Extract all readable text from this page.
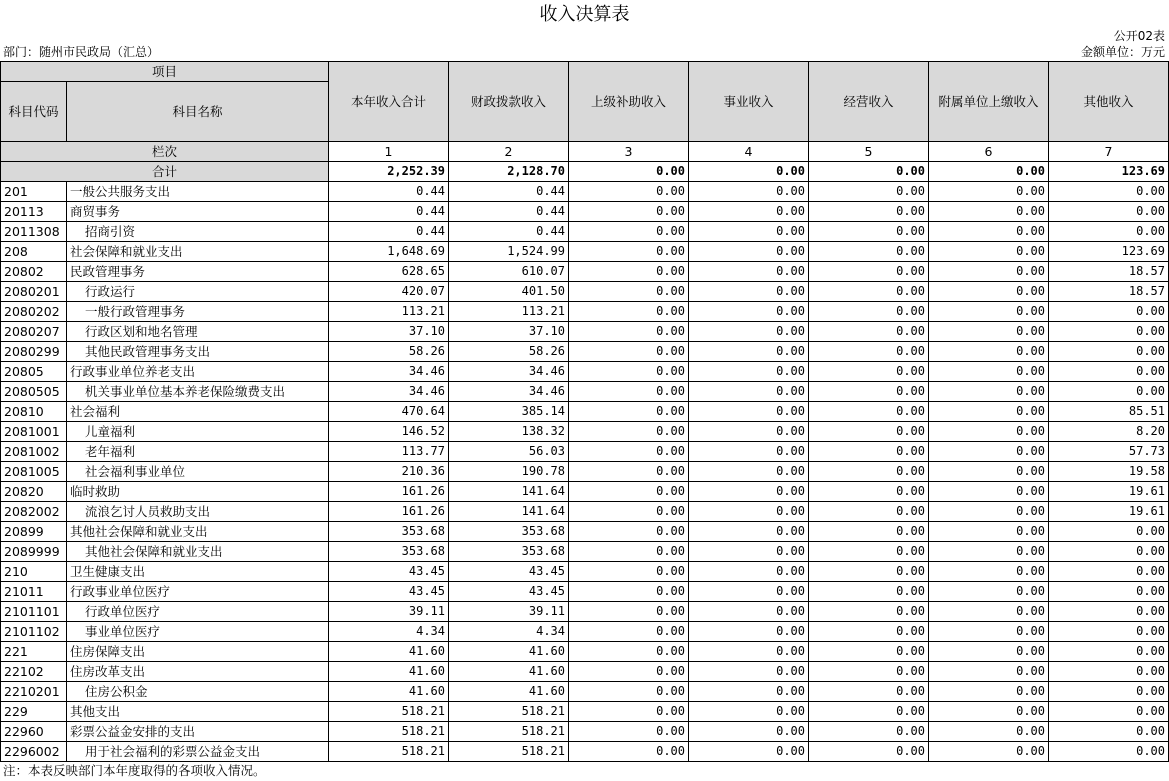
收入决算表
公开02表
部门：随州市民政局（汇总）	金额单位：万元
项目		本年收入合计	财政拨款收入	上级补助收入	事业收入	经营收入	附属单位上缴收入	其他收入
科目代码	科目名称							
栏次		1	2	3	4	5	6	7
合计		2,252.39	2,128.70	0.00	0.00	0.00	0.00	123.69
201	一般公共服务支出	0.44	0.44	0.00	0.00	0.00	0.00	0.00
20113	商贸事务	0.44	0.44	0.00	0.00	0.00	0.00	0.00
2011308	招商引资	0.44	0.44	0.00	0.00	0.00	0.00	0.00
208	社会保障和就业支出	1,648.69	1,524.99	0.00	0.00	0.00	0.00	123.69
20802	民政管理事务	628.65	610.07	0.00	0.00	0.00	0.00	18.57
2080201	行政运行	420.07	401.50	0.00	0.00	0.00	0.00	18.57
2080202	一般行政管理事务	113.21	113.21	0.00	0.00	0.00	0.00	0.00
2080207	行政区划和地名管理	37.10	37.10	0.00	0.00	0.00	0.00	0.00
2080299	其他民政管理事务支出	58.26	58.26	0.00	0.00	0.00	0.00	0.00
20805	行政事业单位养老支出	34.46	34.46	0.00	0.00	0.00	0.00	0.00
2080505	机关事业单位基本养老保险缴费支出	34.46	34.46	0.00	0.00	0.00	0.00	0.00
20810	社会福利	470.64	385.14	0.00	0.00	0.00	0.00	85.51
2081001	儿童福利	146.52	138.32	0.00	0.00	0.00	0.00	8.20
2081002	老年福利	113.77	56.03	0.00	0.00	0.00	0.00	57.73
2081005	社会福利事业单位	210.36	190.78	0.00	0.00	0.00	0.00	19.58
20820	临时救助	161.26	141.64	0.00	0.00	0.00	0.00	19.61
2082002	流浪乞讨人员救助支出	161.26	141.64	0.00	0.00	0.00	0.00	19.61
20899	其他社会保障和就业支出	353.68	353.68	0.00	0.00	0.00	0.00	0.00
2089999	其他社会保障和就业支出	353.68	353.68	0.00	0.00	0.00	0.00	0.00
210	卫生健康支出	43.45	43.45	0.00	0.00	0.00	0.00	0.00
21011	行政事业单位医疗	43.45	43.45	0.00	0.00	0.00	0.00	0.00
2101101	行政单位医疗	39.11	39.11	0.00	0.00	0.00	0.00	0.00
2101102	事业单位医疗	4.34	4.34	0.00	0.00	0.00	0.00	0.00
221	住房保障支出	41.60	41.60	0.00	0.00	0.00	0.00	0.00
22102	住房改革支出	41.60	41.60	0.00	0.00	0.00	0.00	0.00
2210201	住房公积金	41.60	41.60	0.00	0.00	0.00	0.00	0.00
229	其他支出	518.21	518.21	0.00	0.00	0.00	0.00	0.00
22960	彩票公益金安排的支出	518.21	518.21	0.00	0.00	0.00	0.00	0.00
2296002	用于社会福利的彩票公益金支出	518.21	518.21	0.00	0.00	0.00	0.00	0.00
注：本表反映部门本年度取得的各项收入情况。
